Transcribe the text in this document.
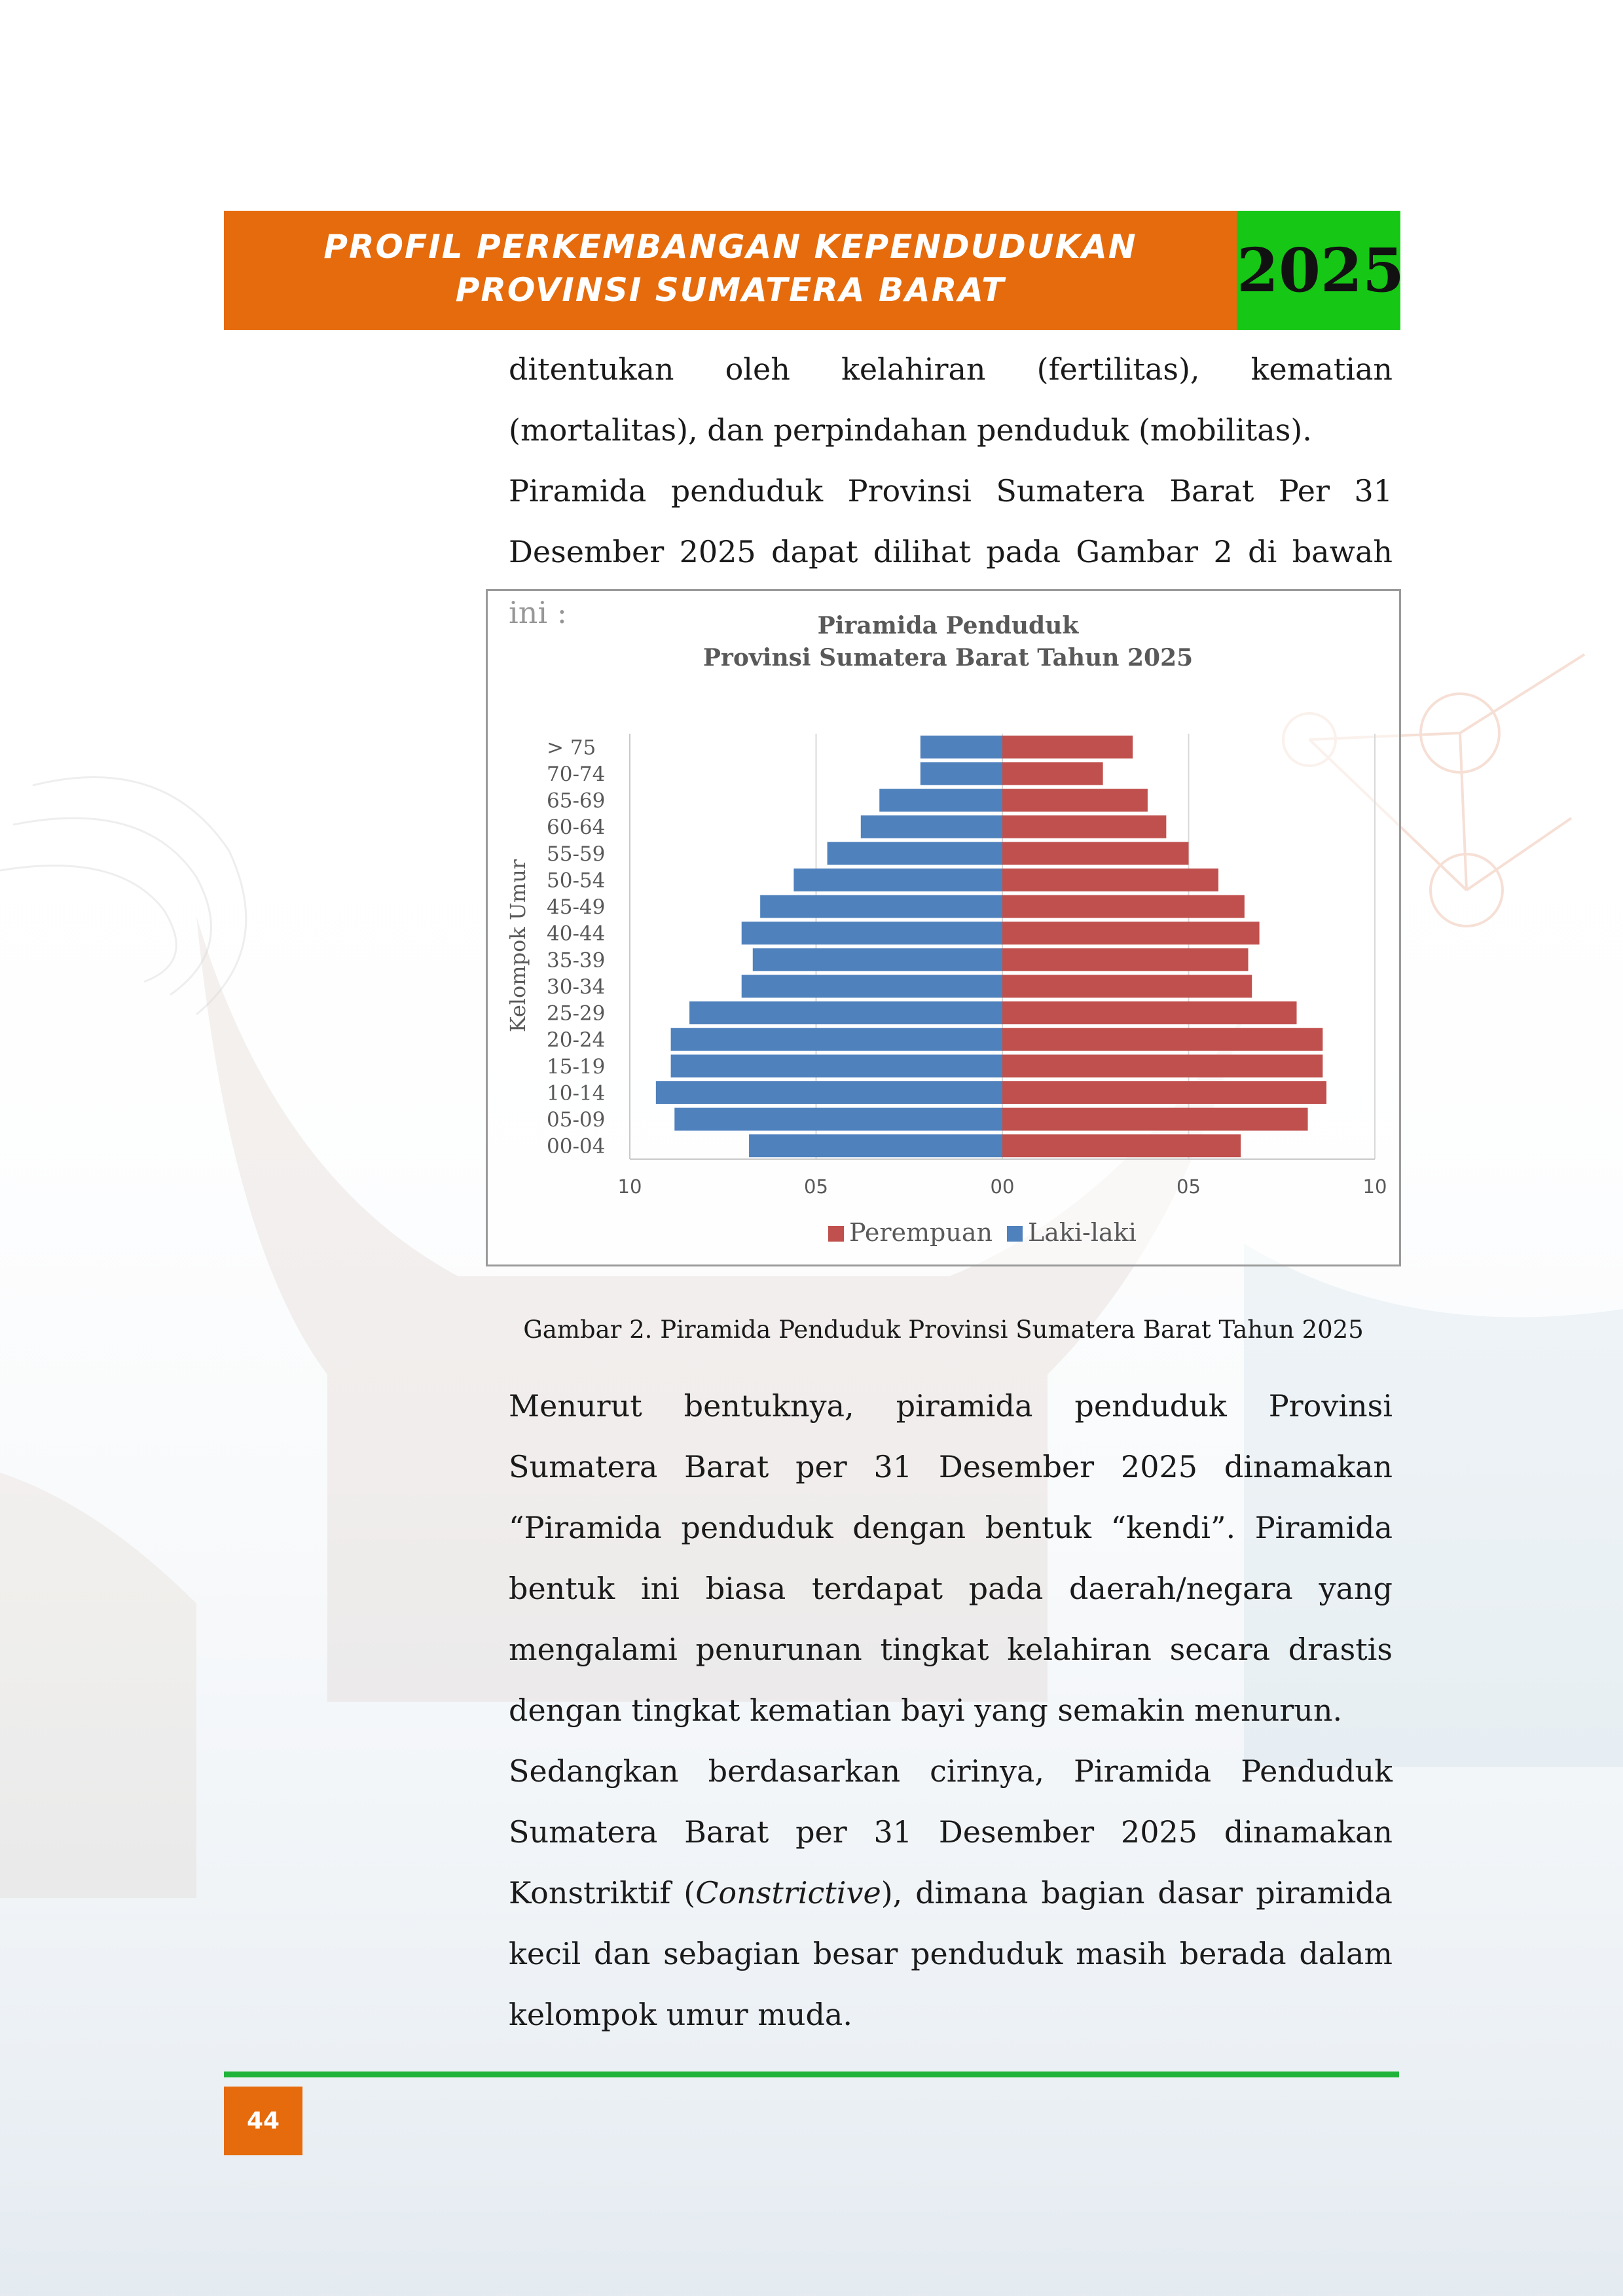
PROFIL PERKEMBANGAN KEPENDUDUKAN
PROVINSI SUMATERA BARAT	2025

ditentukan oleh kelahiran (fertilitas), kematian (mortalitas), dan perpindahan penduduk (mobilitas).

Piramida penduduk Provinsi Sumatera Barat Per 31

Desember 2025 dapat dilihat pada Gambar 2 di bawah

Piramida Penduduk
Provinsi Sumatera Barat Tahun 2025
Kelompok Umur
00-04
05-09
10-14
15-19
20-24
25-29
30-34
35-39
40-44
45-49
50-54
55-59
60-64
65-69
70-74
> 75
10	05	00	05	10
Perempuan Laki-laki
Gambar 2. Piramida Penduduk Provinsi Sumatera Barat Tahun 2025

Menurut bentuknya, piramida penduduk Provinsi Sumatera Barat per 31 Desember 2025 dinamakan “Piramida penduduk dengan bentuk “kendi”. Piramida bentuk ini biasa terdapat pada daerah/negara yang mengalami penurunan tingkat kelahiran secara drastis dengan tingkat kematian bayi yang semakin menurun.

Sedangkan berdasarkan cirinya, Piramida Penduduk Sumatera Barat per 31 Desember 2025 dinamakan Konstriktif (Constrictive), dimana bagian dasar piramida kecil dan sebagian besar penduduk masih berada dalam kelompok umur muda.

44
